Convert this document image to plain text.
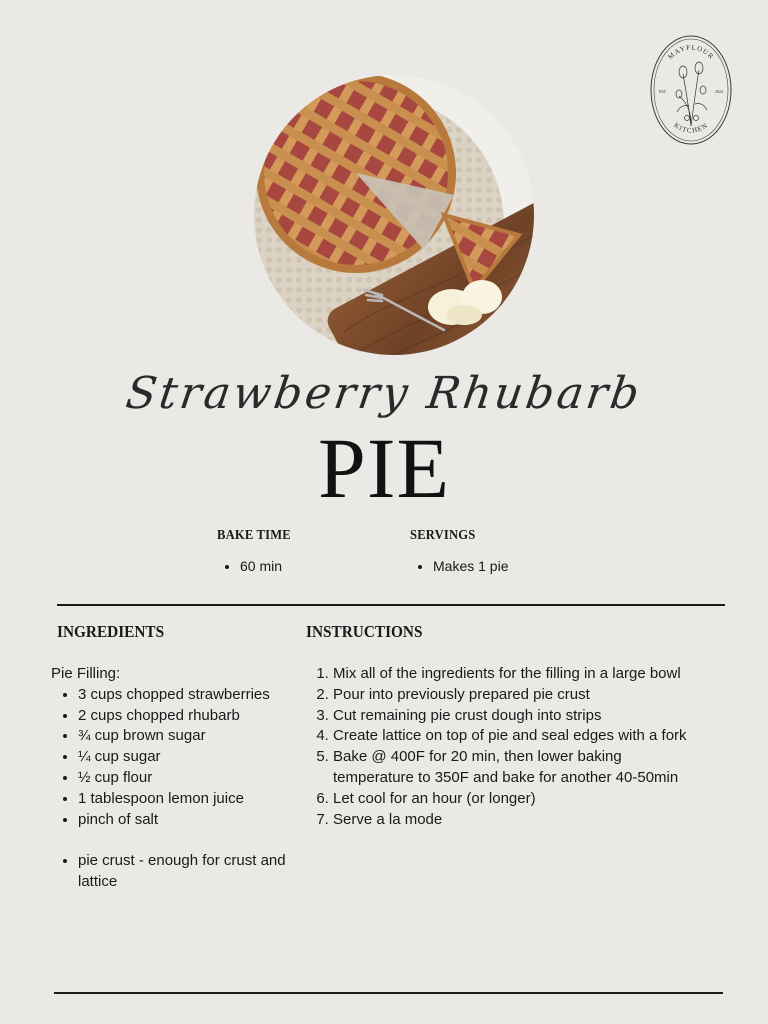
MAYFLOUR
KITCHEN
EST.	2024
Strawberry Rhubarb
PIE
BAKE TIME
• 60 min
SERVINGS
• Makes 1 pie
INGREDIENTS	INSTRUCTIONS
Pie Filling:
• 3 cups chopped strawberries
• 2 cups chopped rhubarb
• ¾ cup brown sugar
• ¼ cup sugar
• ½ cup flour
• 1 tablespoon lemon juice
• pinch of salt
• pie crust - enough for crust and lattice
1. Mix all of the ingredients for the filling in a large bowl
2. Pour into previously prepared pie crust
3. Cut remaining pie crust dough into strips
4. Create lattice on top of pie and seal edges with a fork
5. Bake @ 400F for 20 min, then lower baking temperature to 350F and bake for another 40-50min
6. Let cool for an hour (or longer)
7. Serve a la mode
